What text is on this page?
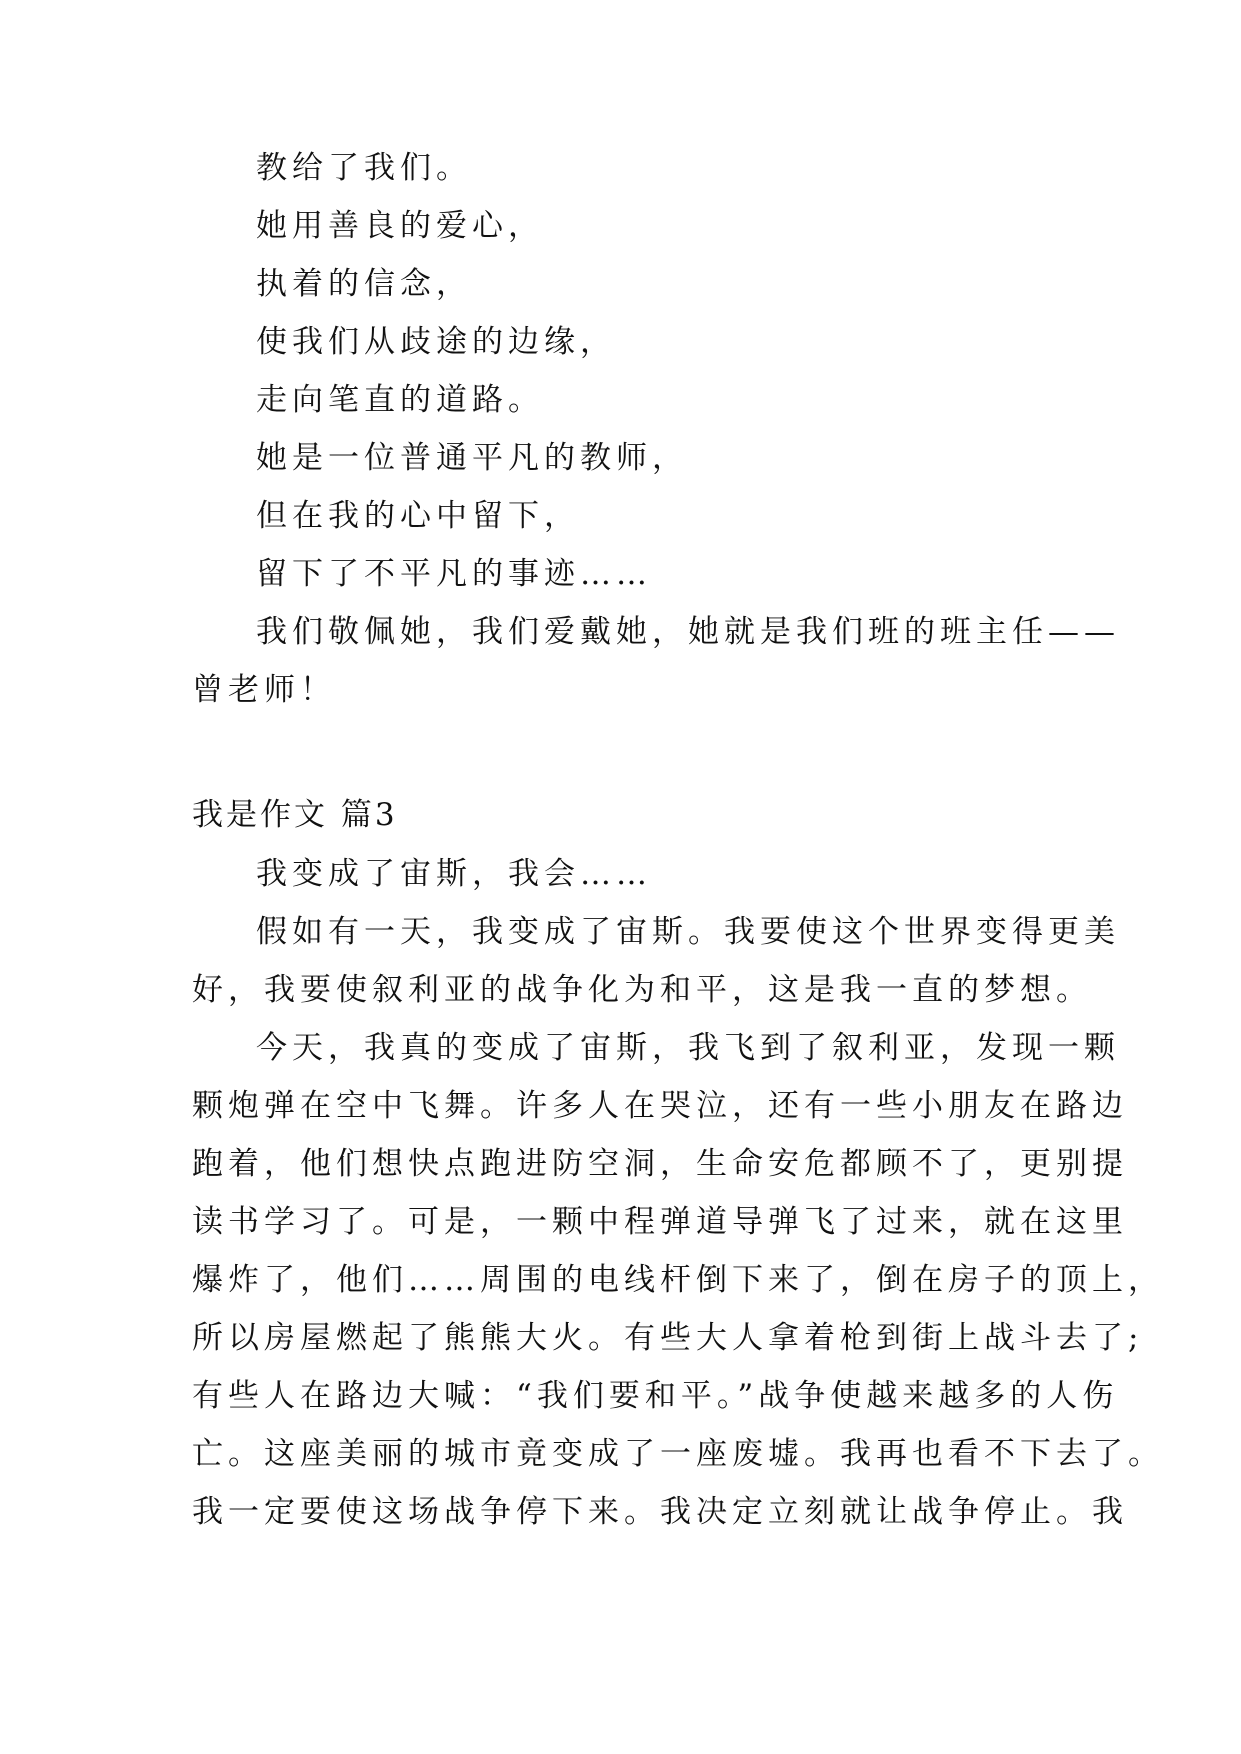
教给了我们。
她用善良的爱心，
执着的信念，
使我们从歧途的边缘，
走向笔直的道路。
她是一位普通平凡的教师，
但在我的心中留下，
留下了不平凡的事迹……
我们敬佩她，我们爱戴她，她就是我们班的班主任——
曾老师！
我是作文 篇3
我变成了宙斯，我会……
假如有一天，我变成了宙斯。我要使这个世界变得更美
好，我要使叙利亚的战争化为和平，这是我一直的梦想。
今天，我真的变成了宙斯，我飞到了叙利亚，发现一颗
颗炮弹在空中飞舞。许多人在哭泣，还有一些小朋友在路边
跑着，他们想快点跑进防空洞，生命安危都顾不了，更别提
读书学习了。可是，一颗中程弹道导弹飞了过来，就在这里
爆炸了，他们……周围的电线杆倒下来了，倒在房子的顶上，
所以房屋燃起了熊熊大火。有些大人拿着枪到街上战斗去了;
有些人在路边大喊：“我们要和平。”战争使越来越多的人伤
亡。这座美丽的城市竟变成了一座废墟。我再也看不下去了。
我一定要使这场战争停下来。我决定立刻就让战争停止。我
